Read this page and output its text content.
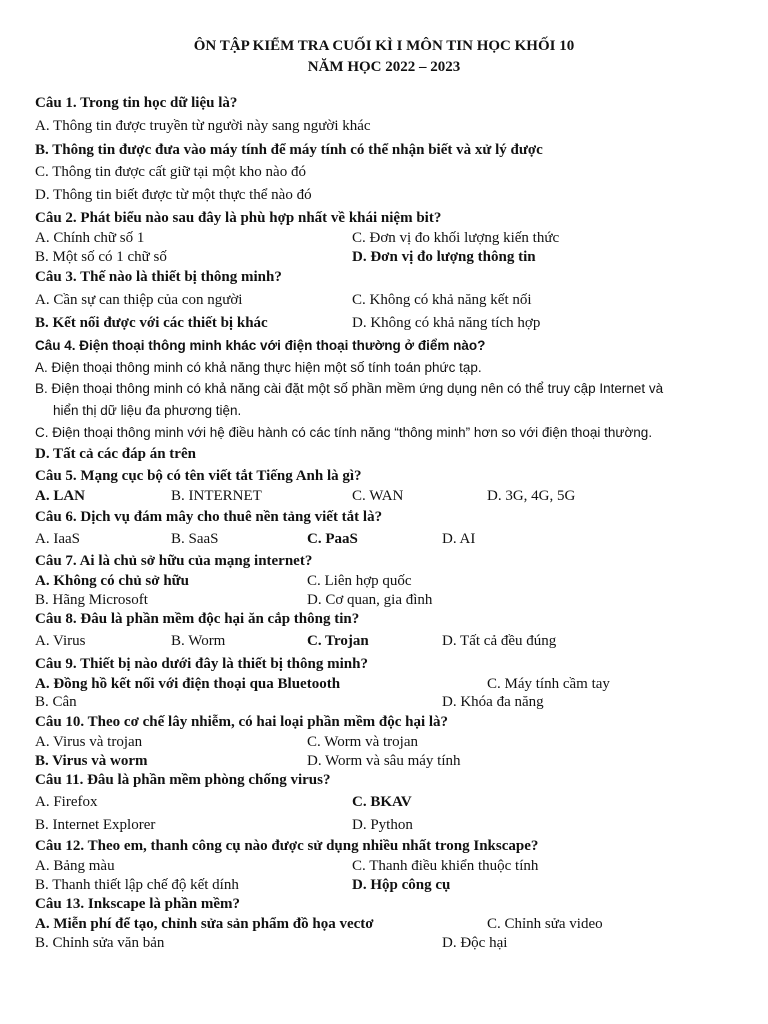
ÔN TẬP KIỂM TRA CUỐI KÌ I MÔN TIN HỌC KHỐI 10
NĂM HỌC 2022 – 2023
Câu 1. Trong tin học dữ liệu là?
A. Thông tin được truyền từ người này sang người khác
B. Thông tin được đưa vào máy tính để máy tính có thể nhận biết và xử lý được
C. Thông tin được cất giữ tại một kho nào đó
D. Thông tin biết được từ một thực thể nào đó
Câu 2. Phát biểu nào sau đây là phù hợp nhất về khái niệm bit?
A. Chính chữ số 1	C. Đơn vị đo khối lượng kiến thức
B. Một số có 1 chữ số	D. Đơn vị đo lượng thông tin
Câu 3. Thế nào là thiết bị thông minh?
A. Cần sự can thiệp của con người	C. Không có khả năng kết nối
B. Kết nối được với các thiết bị khác	D. Không có khả năng tích hợp
Câu 4. Điện thoại thông minh khác với điện thoại thường ở điểm nào?
A. Điện thoại thông minh có khả năng thực hiện một số tính toán phức tạp.
B. Điện thoại thông minh có khả năng cài đặt một số phần mềm ứng dụng nên có thể truy cập Internet và
hiển thị dữ liệu đa phương tiện.
C. Điện thoại thông minh với hệ điều hành có các tính năng “thông minh” hơn so với điện thoại thường.
D. Tất cả các đáp án trên
Câu 5. Mạng cục bộ có tên viết tắt Tiếng Anh là gì?
A. LAN	B. INTERNET	C. WAN	D. 3G, 4G, 5G
Câu 6. Dịch vụ đám mây cho thuê nền tảng viết tắt là?
A. IaaS	B. SaaS	C. PaaS	D. AI
Câu 7. Ai là chủ sở hữu của mạng internet?
A. Không có chủ sở hữu	C. Liên hợp quốc
B. Hãng Microsoft	D. Cơ quan, gia đình
Câu 8. Đâu là phần mềm độc hại ăn cắp thông tin?
A. Virus	B. Worm	C. Trojan	D. Tất cả đều đúng
Câu 9. Thiết bị nào dưới đây là thiết bị thông minh?
A. Đồng hồ kết nối với điện thoại qua Bluetooth	C. Máy tính cầm tay
B. Cân	D. Khóa đa năng
Câu 10. Theo cơ chế lây nhiễm, có hai loại phần mềm độc hại là?
A. Virus và trojan	C. Worm và trojan
B. Virus và worm	D. Worm và sâu máy tính
Câu 11. Đâu là phần mềm phòng chống virus?
A. Firefox	C. BKAV
B. Internet Explorer	D. Python
Câu 12. Theo em, thanh công cụ nào được sử dụng nhiều nhất trong Inkscape?
A. Bảng màu	C. Thanh điều khiển thuộc tính
B. Thanh thiết lập chế độ kết dính	D. Hộp công cụ
Câu 13. Inkscape là phần mềm?
A. Miễn phí để tạo, chỉnh sửa sản phẩm đồ họa vectơ	C. Chỉnh sửa video
B. Chỉnh sửa văn bản	D. Độc hại
